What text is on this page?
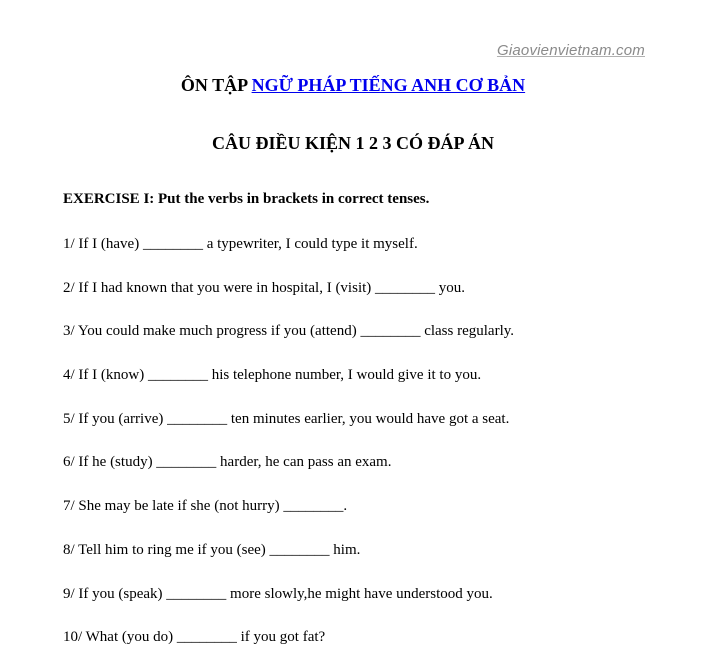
Giaovienvietnam.com
ÔN TẬP NGỮ PHÁP TIẾNG ANH CƠ BẢN
CÂU ĐIỀU KIỆN 1 2 3 CÓ ĐÁP ÁN
EXERCISE I: Put the verbs in brackets in correct tenses.
1/ If I (have) ________ a typewriter, I could type it myself.
2/ If I had known that you were in hospital, I (visit) ________ you.
3/ You could make much progress if you (attend) ________ class regularly.
4/ If I (know) ________ his telephone number, I would give it to you.
5/ If you (arrive) ________ ten minutes earlier, you would have got a seat.
6/ If he (study) ________ harder, he can pass an exam.
7/ She may be late if she (not hurry) ________.
8/ Tell him to ring me if you (see) ________ him.
9/ If you (speak) ________ more slowly,he might have understood you.
10/ What (you do) ________ if you got fat?
